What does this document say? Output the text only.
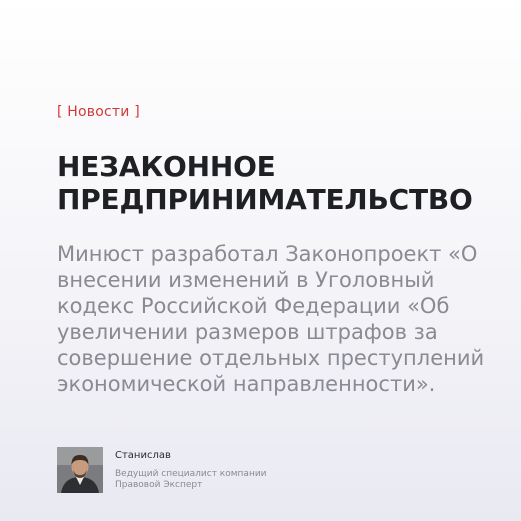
[ Новости ]
НЕЗАКОННОЕ
ПРЕДПРИНИМАТЕЛЬСТВО
Минюст разработал Законопроект «О внесении изменений в Уголовный кодекс Российской Федерации «Об увеличении размеров штрафов за совершение отдельных преступлений экономической направленности».
Станислав
Ведущий специалист компании
Правовой Эксперт
